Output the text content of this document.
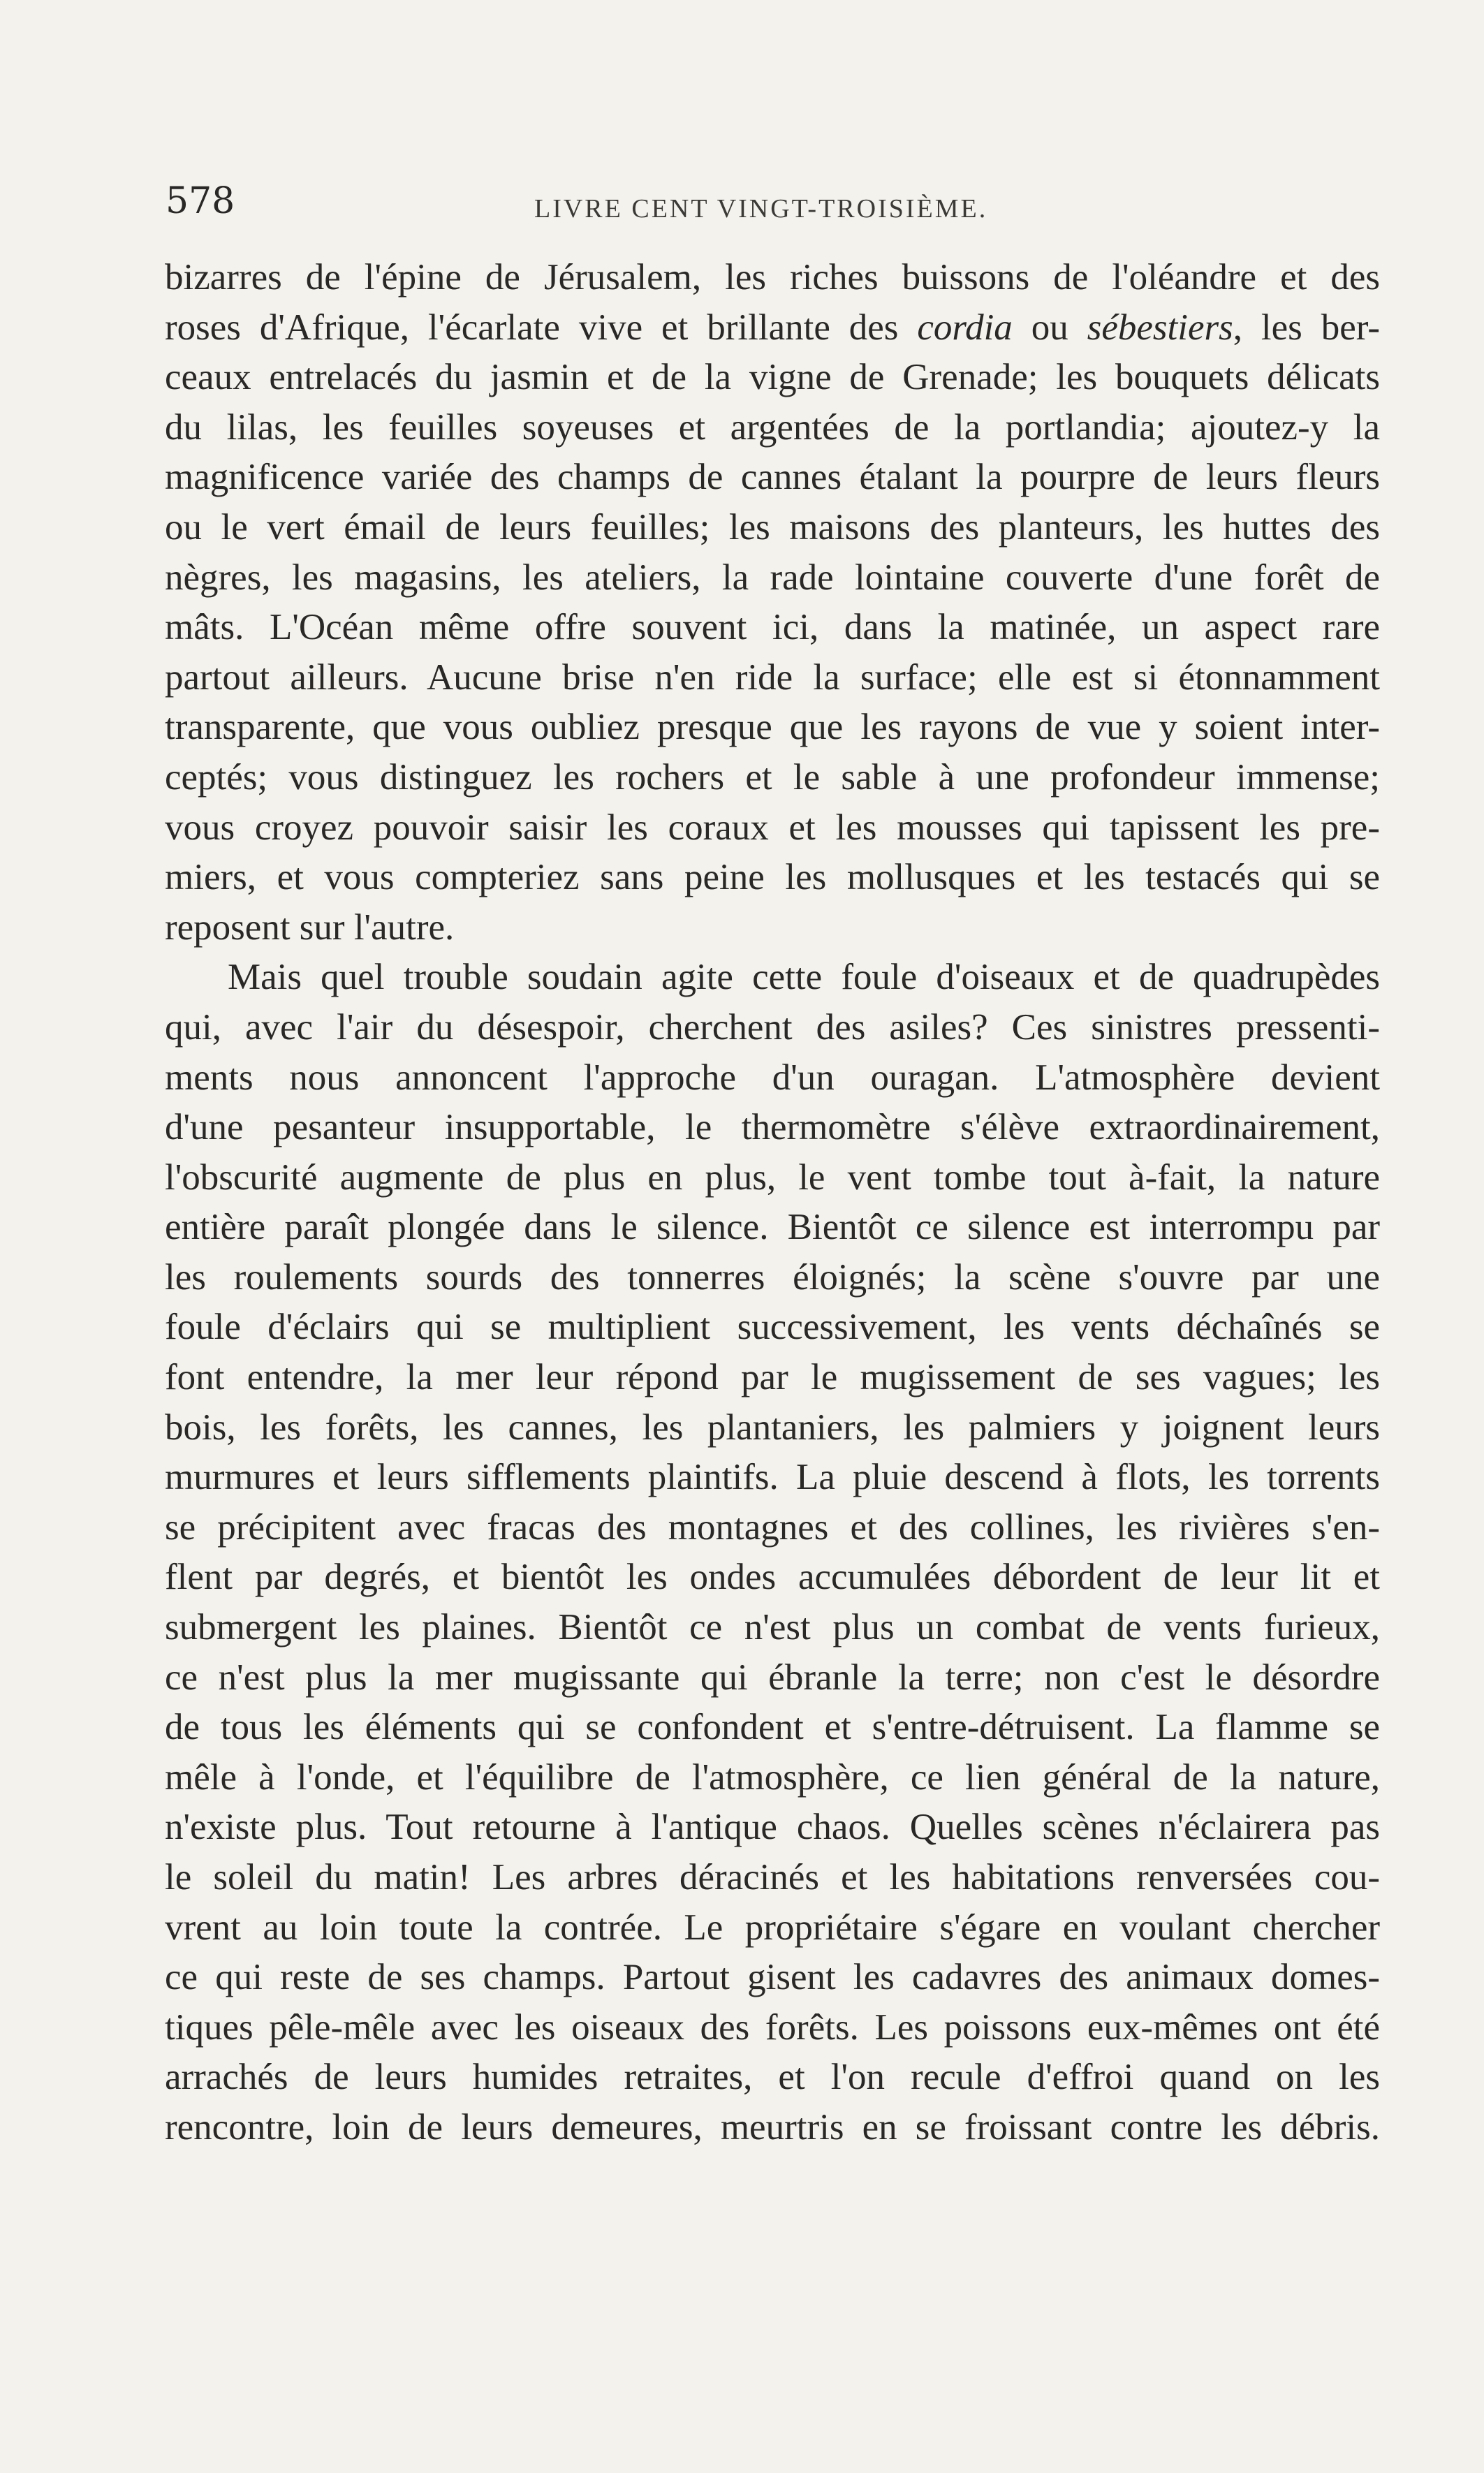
578	LIVRE CENT VINGT-TROISIÈME.
bizarres de l'épine de Jérusalem, les riches buissons de l'oléandre et des
roses d'Afrique, l'écarlate vive et brillante des cordia ou sébestiers, les ber-
ceaux entrelacés du jasmin et de la vigne de Grenade; les bouquets délicats
du lilas, les feuilles soyeuses et argentées de la portlandia; ajoutez-y la
magnificence variée des champs de cannes étalant la pourpre de leurs fleurs
ou le vert émail de leurs feuilles; les maisons des planteurs, les huttes des
nègres, les magasins, les ateliers, la rade lointaine couverte d'une forêt de
mâts. L'Océan même offre souvent ici, dans la matinée, un aspect rare
partout ailleurs. Aucune brise n'en ride la surface; elle est si étonnamment
transparente, que vous oubliez presque que les rayons de vue y soient inter-
ceptés; vous distinguez les rochers et le sable à une profondeur immense;
vous croyez pouvoir saisir les coraux et les mousses qui tapissent les pre-
miers, et vous compteriez sans peine les mollusques et les testacés qui se
reposent sur l'autre.
Mais quel trouble soudain agite cette foule d'oiseaux et de quadrupèdes
qui, avec l'air du désespoir, cherchent des asiles? Ces sinistres pressenti-
ments nous annoncent l'approche d'un ouragan. L'atmosphère devient
d'une pesanteur insupportable, le thermomètre s'élève extraordinairement,
l'obscurité augmente de plus en plus, le vent tombe tout à-fait, la nature
entière paraît plongée dans le silence. Bientôt ce silence est interrompu par
les roulements sourds des tonnerres éloignés; la scène s'ouvre par une
foule d'éclairs qui se multiplient successivement, les vents déchaînés se
font entendre, la mer leur répond par le mugissement de ses vagues; les
bois, les forêts, les cannes, les plantaniers, les palmiers y joignent leurs
murmures et leurs sifflements plaintifs. La pluie descend à flots, les torrents
se précipitent avec fracas des montagnes et des collines, les rivières s'en-
flent par degrés, et bientôt les ondes accumulées débordent de leur lit et
submergent les plaines. Bientôt ce n'est plus un combat de vents furieux,
ce n'est plus la mer mugissante qui ébranle la terre; non c'est le désordre
de tous les éléments qui se confondent et s'entre-détruisent. La flamme se
mêle à l'onde, et l'équilibre de l'atmosphère, ce lien général de la nature,
n'existe plus. Tout retourne à l'antique chaos. Quelles scènes n'éclairera pas
le soleil du matin! Les arbres déracinés et les habitations renversées cou-
vrent au loin toute la contrée. Le propriétaire s'égare en voulant chercher
ce qui reste de ses champs. Partout gisent les cadavres des animaux domes-
tiques pêle-mêle avec les oiseaux des forêts. Les poissons eux-mêmes ont été
arrachés de leurs humides retraites, et l'on recule d'effroi quand on les
rencontre, loin de leurs demeures, meurtris en se froissant contre les débris.
